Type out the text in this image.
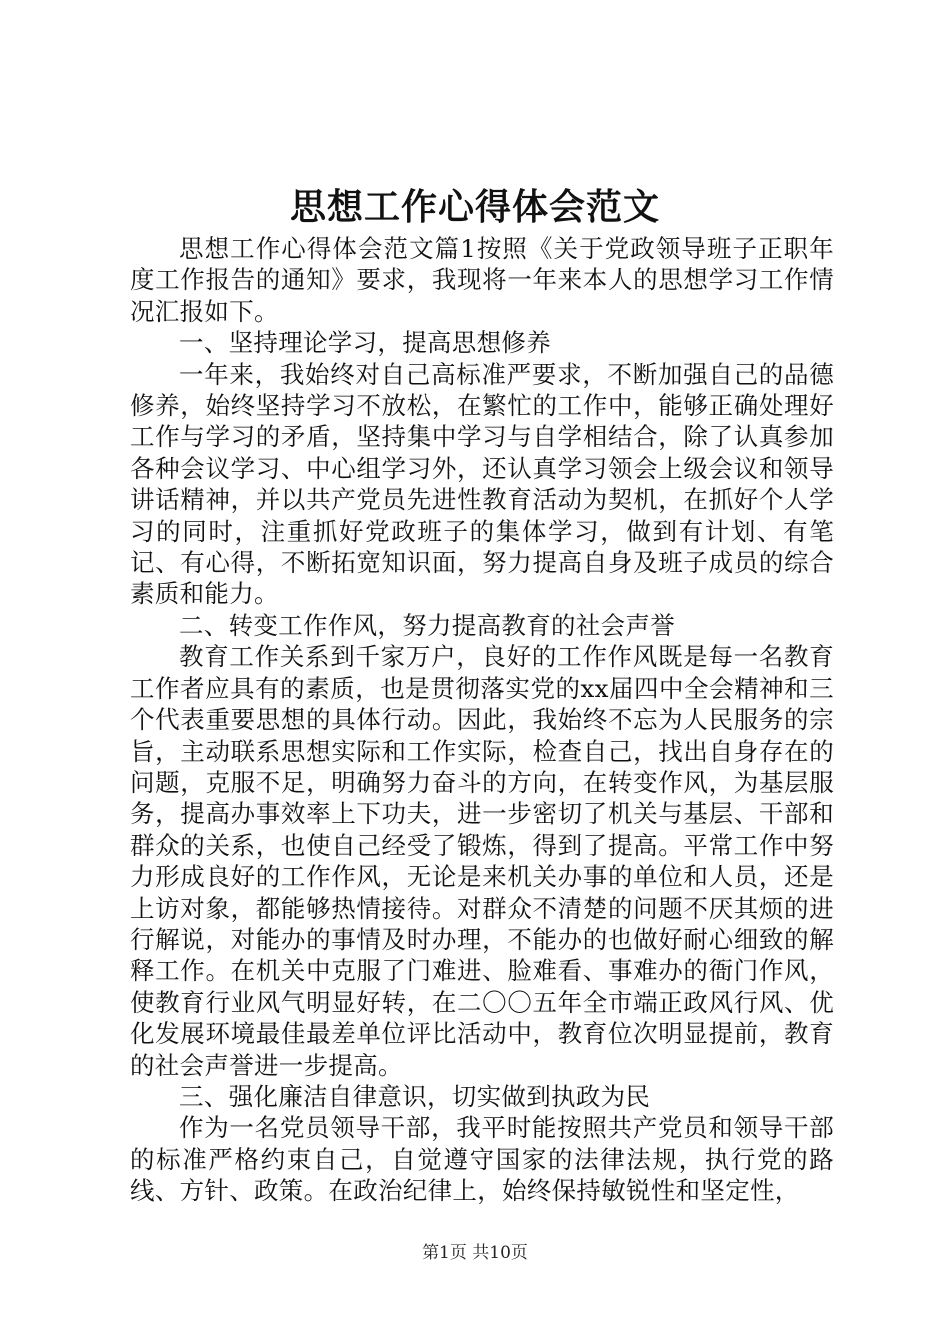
思想工作心得体会范文

思想工作心得体会范文篇1按照《关于党政领导班子正职年度工作报告的通知》要求，我现将一年来本人的思想学习工作情况汇报如下。

一、坚持理论学习，提高思想修养

一年来，我始终对自己高标准严要求，不断加强自己的品德修养，始终坚持学习不放松，在繁忙的工作中，能够正确处理好工作与学习的矛盾，坚持集中学习与自学相结合，除了认真参加各种会议学习、中心组学习外，还认真学习领会上级会议和领导讲话精神，并以共产党员先进性教育活动为契机，在抓好个人学习的同时，注重抓好党政班子的集体学习，做到有计划、有笔记、有心得，不断拓宽知识面，努力提高自身及班子成员的综合素质和能力。

二、转变工作作风，努力提高教育的社会声誉

教育工作关系到千家万户，良好的工作作风既是每一名教育工作者应具有的素质，也是贯彻落实党的xx届四中全会精神和三个代表重要思想的具体行动。因此，我始终不忘为人民服务的宗旨，主动联系思想实际和工作实际，检查自己，找出自身存在的问题，克服不足，明确努力奋斗的方向，在转变作风，为基层服务，提高办事效率上下功夫，进一步密切了机关与基层、干部和群众的关系，也使自己经受了锻炼，得到了提高。平常工作中努力形成良好的工作作风，无论是来机关办事的单位和人员，还是上访对象，都能够热情接待。对群众不清楚的问题不厌其烦的进行解说，对能办的事情及时办理，不能办的也做好耐心细致的解释工作。在机关中克服了门难进、脸难看、事难办的衙门作风，使教育行业风气明显好转，在二〇〇五年全市端正政风行风、优化发展环境最佳最差单位评比活动中，教育位次明显提前，教育的社会声誉进一步提高。

三、强化廉洁自律意识，切实做到执政为民

作为一名党员领导干部，我平时能按照共产党员和领导干部的标准严格约束自己，自觉遵守国家的法律法规，执行党的路线、方针、政策。在政治纪律上，始终保持敏锐性和坚定性，

第1页 共10页
